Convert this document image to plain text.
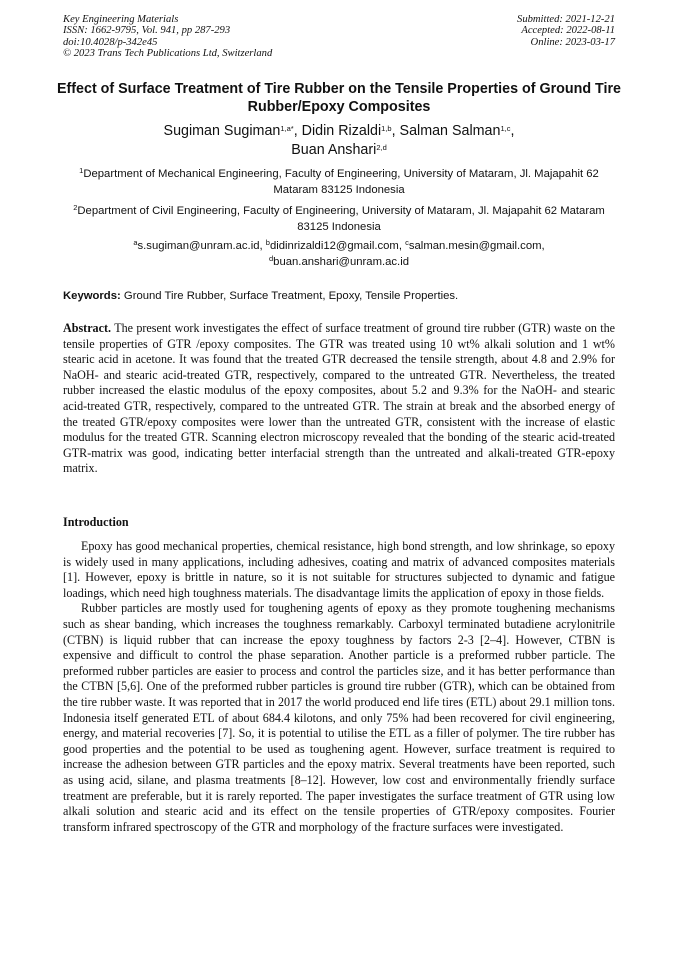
Key Engineering Materials
ISSN: 1662-9795, Vol. 941, pp 287-293
doi:10.4028/p-342e45
© 2023 Trans Tech Publications Ltd, Switzerland
Submitted: 2021-12-21
Accepted: 2022-08-11
Online: 2023-03-17
Effect of Surface Treatment of Tire Rubber on the Tensile Properties of Ground Tire Rubber/Epoxy Composites
Sugiman Sugiman$^{1,a*}$, Didin Rizaldi$^{1,b}$, Salman Salman$^{1,c}$,
Buan Anshari$^{2,d}$
$^1$Department of Mechanical Engineering, Faculty of Engineering, University of Mataram, Jl. Majapahit 62 Mataram 83125 Indonesia
$^2$Department of Civil Engineering, Faculty of Engineering, University of Mataram, Jl. Majapahit 62 Mataram 83125 Indonesia
$^a$s.sugiman@unram.ac.id, $^b$didinrizaldi12@gmail.com, $^c$salman.mesin@gmail.com,
$^d$buan.anshari@unram.ac.id
Keywords: Ground Tire Rubber, Surface Treatment, Epoxy, Tensile Properties.
Abstract. The present work investigates the effect of surface treatment of ground tire rubber (GTR) waste on the tensile properties of GTR /epoxy composites. The GTR was treated using 10 wt% alkali solution and 1 wt% stearic acid in acetone. It was found that the treated GTR decreased the tensile strength, about 4.8 and 2.9% for NaOH- and stearic acid-treated GTR, respectively, compared to the untreated GTR. Nevertheless, the treated rubber increased the elastic modulus of the epoxy composites, about 5.2 and 9.3% for the NaOH- and stearic acid-treated GTR, respectively, compared to the untreated GTR. The strain at break and the absorbed energy of the treated GTR/epoxy composites were lower than the untreated GTR, consistent with the increase of elastic modulus for the treated GTR. Scanning electron microscopy revealed that the bonding of the stearic acid-treated GTR-matrix was good, indicating better interfacial strength than the untreated and alkali-treated GTR-epoxy matrix.
Introduction

Epoxy has good mechanical properties, chemical resistance, high bond strength, and low shrinkage, so epoxy is widely used in many applications, including adhesives, coating and matrix of advanced composites materials [1]. However, epoxy is brittle in nature, so it is not suitable for structures subjected to dynamic and fatigue loadings, which need high toughness materials. The disadvantage limits the application of epoxy in those fields.

Rubber particles are mostly used for toughening agents of epoxy as they promote toughening mechanisms such as shear banding, which increases the toughness remarkably. Carboxyl terminated butadiene acrylonitrile (CTBN) is liquid rubber that can increase the epoxy toughness by factors 2-3 [2–4]. However, CTBN is expensive and difficult to control the phase separation. Another particle is a preformed rubber particle. The preformed rubber particles are easier to process and control the particles size, and it has better performance than the CTBN [5,6]. One of the preformed rubber particles is ground tire rubber (GTR), which can be obtained from the tire rubber waste. It was reported that in 2017 the world produced end life tires (ETL) about 29.1 million tons. Indonesia itself generated ETL of about 684.4 kilotons, and only 75% had been recovered for civil engineering, energy, and material recoveries [7]. So, it is potential to utilise the ETL as a filler of polymer. The tire rubber has good properties and the potential to be used as toughening agent. However, surface treatment is required to increase the adhesion between GTR particles and the epoxy matrix. Several treatments have been reported, such as using acid, silane, and plasma treatments [8–12]. However, low cost and environmentally friendly surface treatment are preferable, but it is rarely reported. The paper investigates the surface treatment of GTR using low alkali solution and stearic acid and its effect on the tensile properties of GTR/epoxy composites. Fourier transform infrared spectroscopy of the GTR and morphology of the fracture surfaces were investigated.
